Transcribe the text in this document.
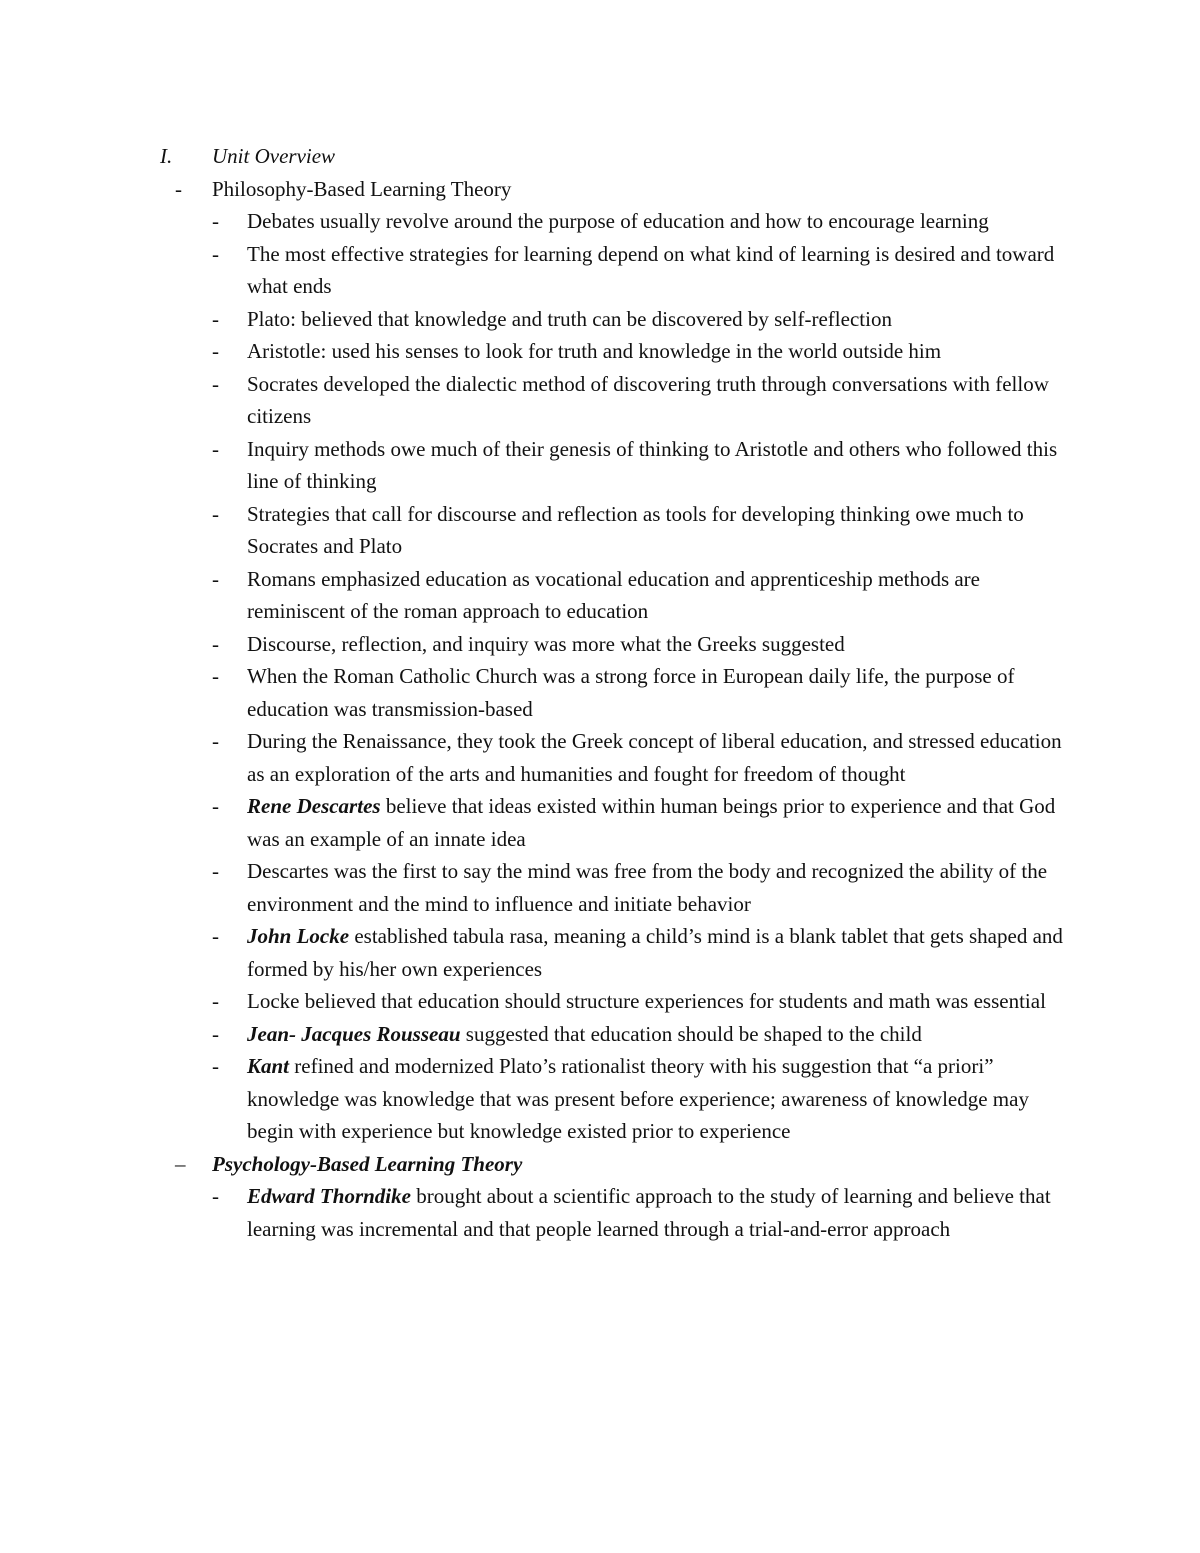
I. Unit Overview
- Philosophy-Based Learning Theory
- Debates usually revolve around the purpose of education and how to encourage learning
- The most effective strategies for learning depend on what kind of learning is desired and toward what ends
- Plato: believed that knowledge and truth can be discovered by self-reflection
- Aristotle: used his senses to look for truth and knowledge in the world outside him
- Socrates developed the dialectic method of discovering truth through conversations with fellow citizens
- Inquiry methods owe much of their genesis of thinking to Aristotle and others who followed this line of thinking
- Strategies that call for discourse and reflection as tools for developing thinking owe much to Socrates and Plato
- Romans emphasized education as vocational education and apprenticeship methods are reminiscent of the roman approach to education
- Discourse, reflection, and inquiry was more what the Greeks suggested
- When the Roman Catholic Church was a strong force in European daily life, the purpose of education was transmission-based
- During the Renaissance, they took the Greek concept of liberal education, and stressed education as an exploration of the arts and humanities and fought for freedom of thought
- Rene Descartes believe that ideas existed within human beings prior to experience and that God was an example of an innate idea
- Descartes was the first to say the mind was free from the body and recognized the ability of the environment and the mind to influence and initiate behavior
- John Locke established tabula rasa, meaning a child’s mind is a blank tablet that gets shaped and formed by his/her own experiences
- Locke believed that education should structure experiences for students and math was essential
- Jean- Jacques Rousseau suggested that education should be shaped to the child
- Kant refined and modernized Plato’s rationalist theory with his suggestion that “a priori” knowledge was knowledge that was present before experience; awareness of knowledge may begin with experience but knowledge existed prior to experience
– Psychology-Based Learning Theory
- Edward Thorndike brought about a scientific approach to the study of learning and believe that learning was incremental and that people learned through a trial-and-error approach
